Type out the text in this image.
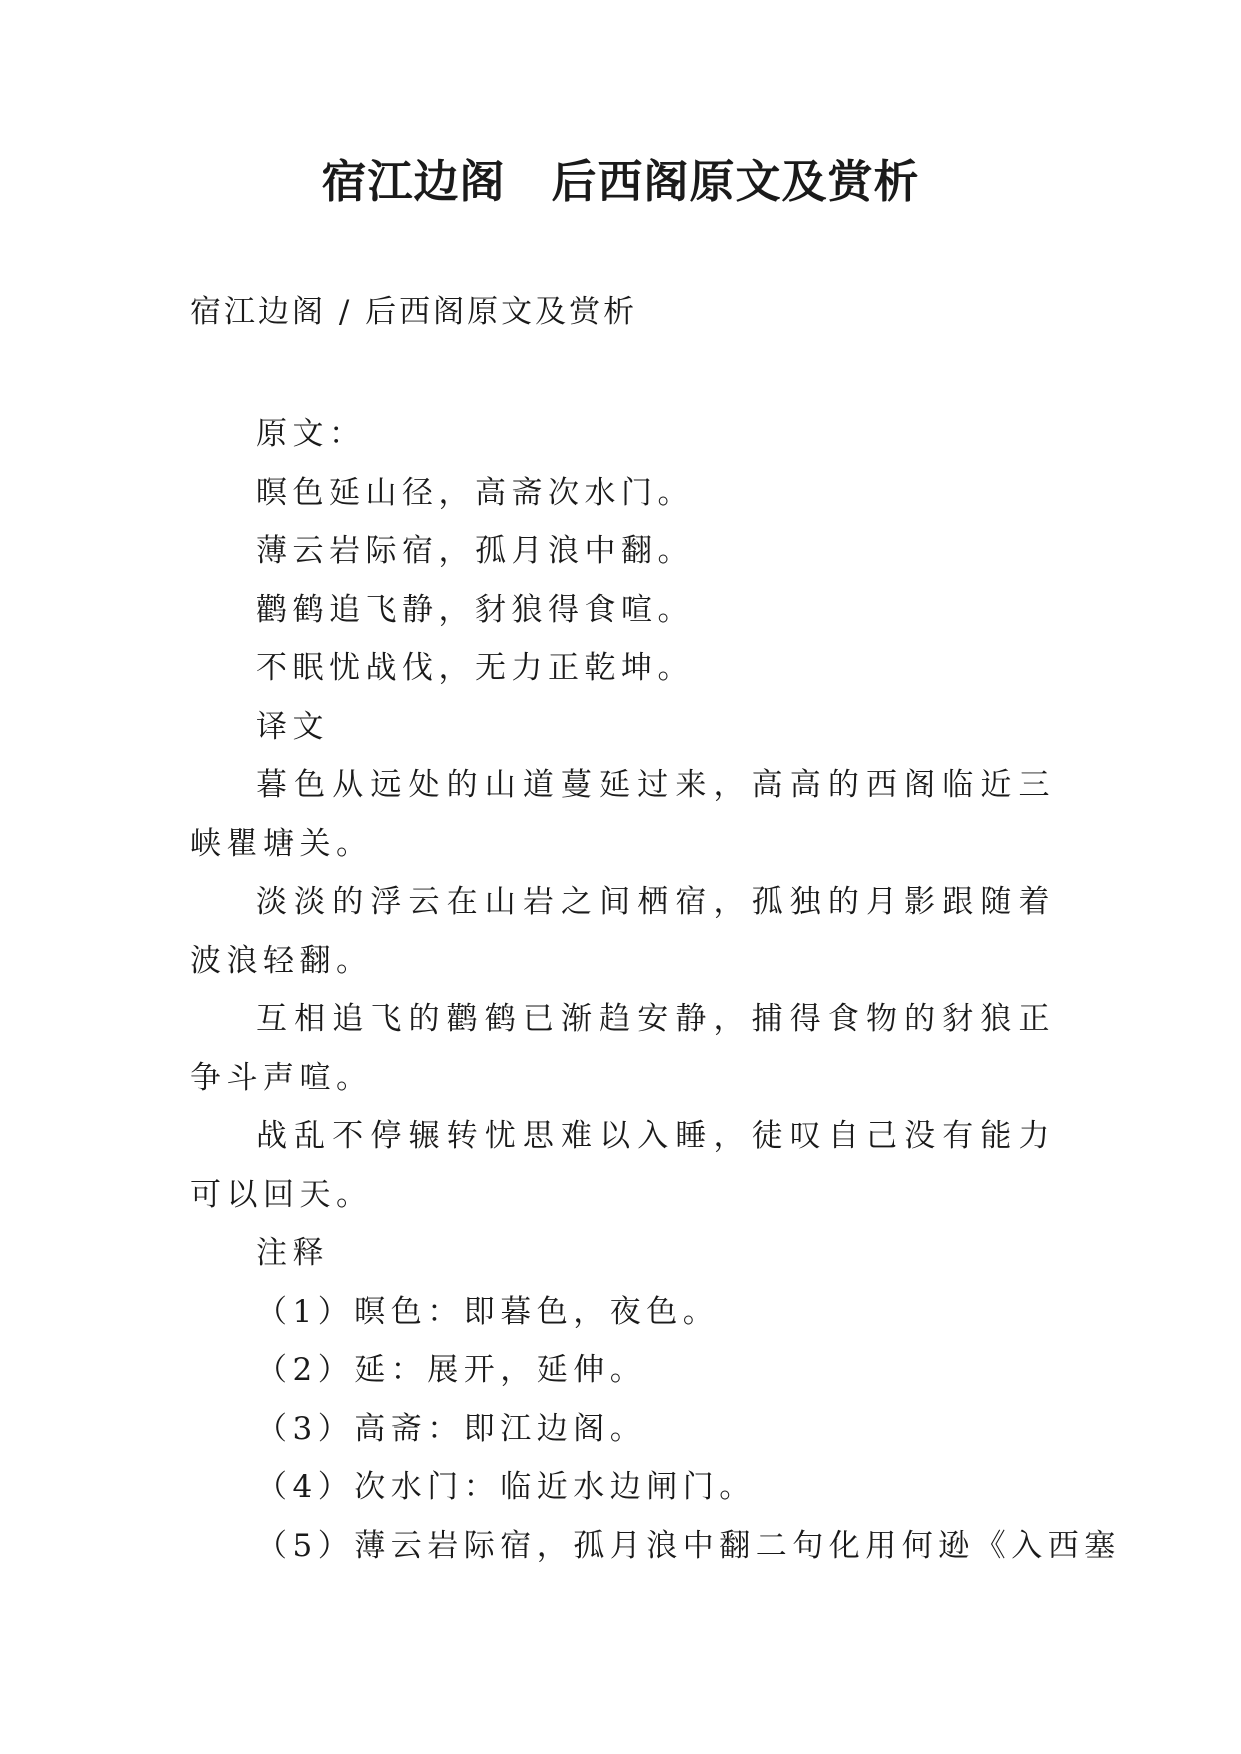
宿江边阁　后西阁原文及赏析
宿江边阁 / 后西阁原文及赏析
原文：
暝色延山径，高斋次水门。
薄云岩际宿，孤月浪中翻。
鹳鹤追飞静，豺狼得食喧。
不眠忧战伐，无力正乾坤。
译文

暮色从远处的山道蔓延过来，高高的西阁临近三峡瞿塘关。

淡淡的浮云在山岩之间栖宿，孤独的月影跟随着波浪轻翻。

互相追飞的鹳鹤已渐趋安静，捕得食物的豺狼正争斗声喧。

战乱不停辗转忧思难以入睡，徒叹自己没有能力可以回天。

注释
（1）暝色：即暮色，夜色。
（2）延：展开，延伸。
（3）高斋：即江边阁。
（4）次水门：临近水边闸门。
（5）薄云岩际宿，孤月浪中翻二句化用何逊《入西塞
